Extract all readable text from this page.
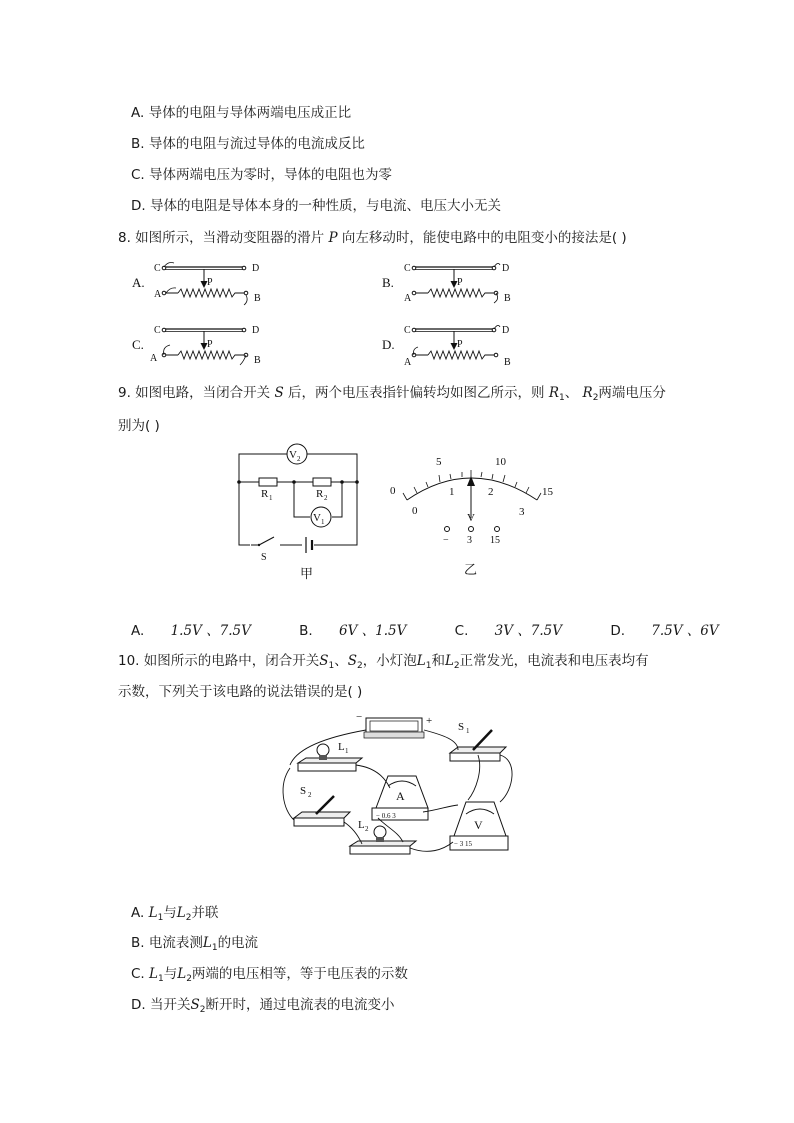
A. 导体的电阻与导体两端电压成正比
B. 导体的电阻与流过导体的电流成反比
C. 导体两端电压为零时，导体的电阻也为零
D. 导体的电阻是导体本身的一种性质，与电流、电压大小无关
8. 如图所示，当滑动变阻器的滑片 P 向左移动时，能使电路中的电阻变小的接法是( )
A.
C	D
A	B
P	B.
C	D
A	B
P
C.
C	D
A	B
P	D.
C	D
A	B
P
9. 如图电路，当闭合开关 S 后，两个电压表指针偏转均如图乙所示，则 $R_1$、 $R_2$两端电压分
别为( )
V 2
R 1	R 2
V 1
S
甲
0
5	10
15
0
1	2
3
V
− 3 15
乙
A. 1.5V 、7.5V	B. 6V 、1.5V	C. 3V 、7.5V	D. 7.5V 、6V
10. 如图所示的电路中，闭合开关$S_1$、$S_2$，小灯泡$L_1$和$L_2$正常发光，电流表和电压表均有
示数，下列关于该电路的说法错误的是( )
−	+ S 1
L 1
A
− 0.6 3
S 2
L 2	V
− 3 15
A. $L_1$与$L_2$并联
B. 电流表测$L_1$的电流
C. $L_1$与$L_2$两端的电压相等，等于电压表的示数
D. 当开关$S_2$断开时，通过电流表的电流变小
